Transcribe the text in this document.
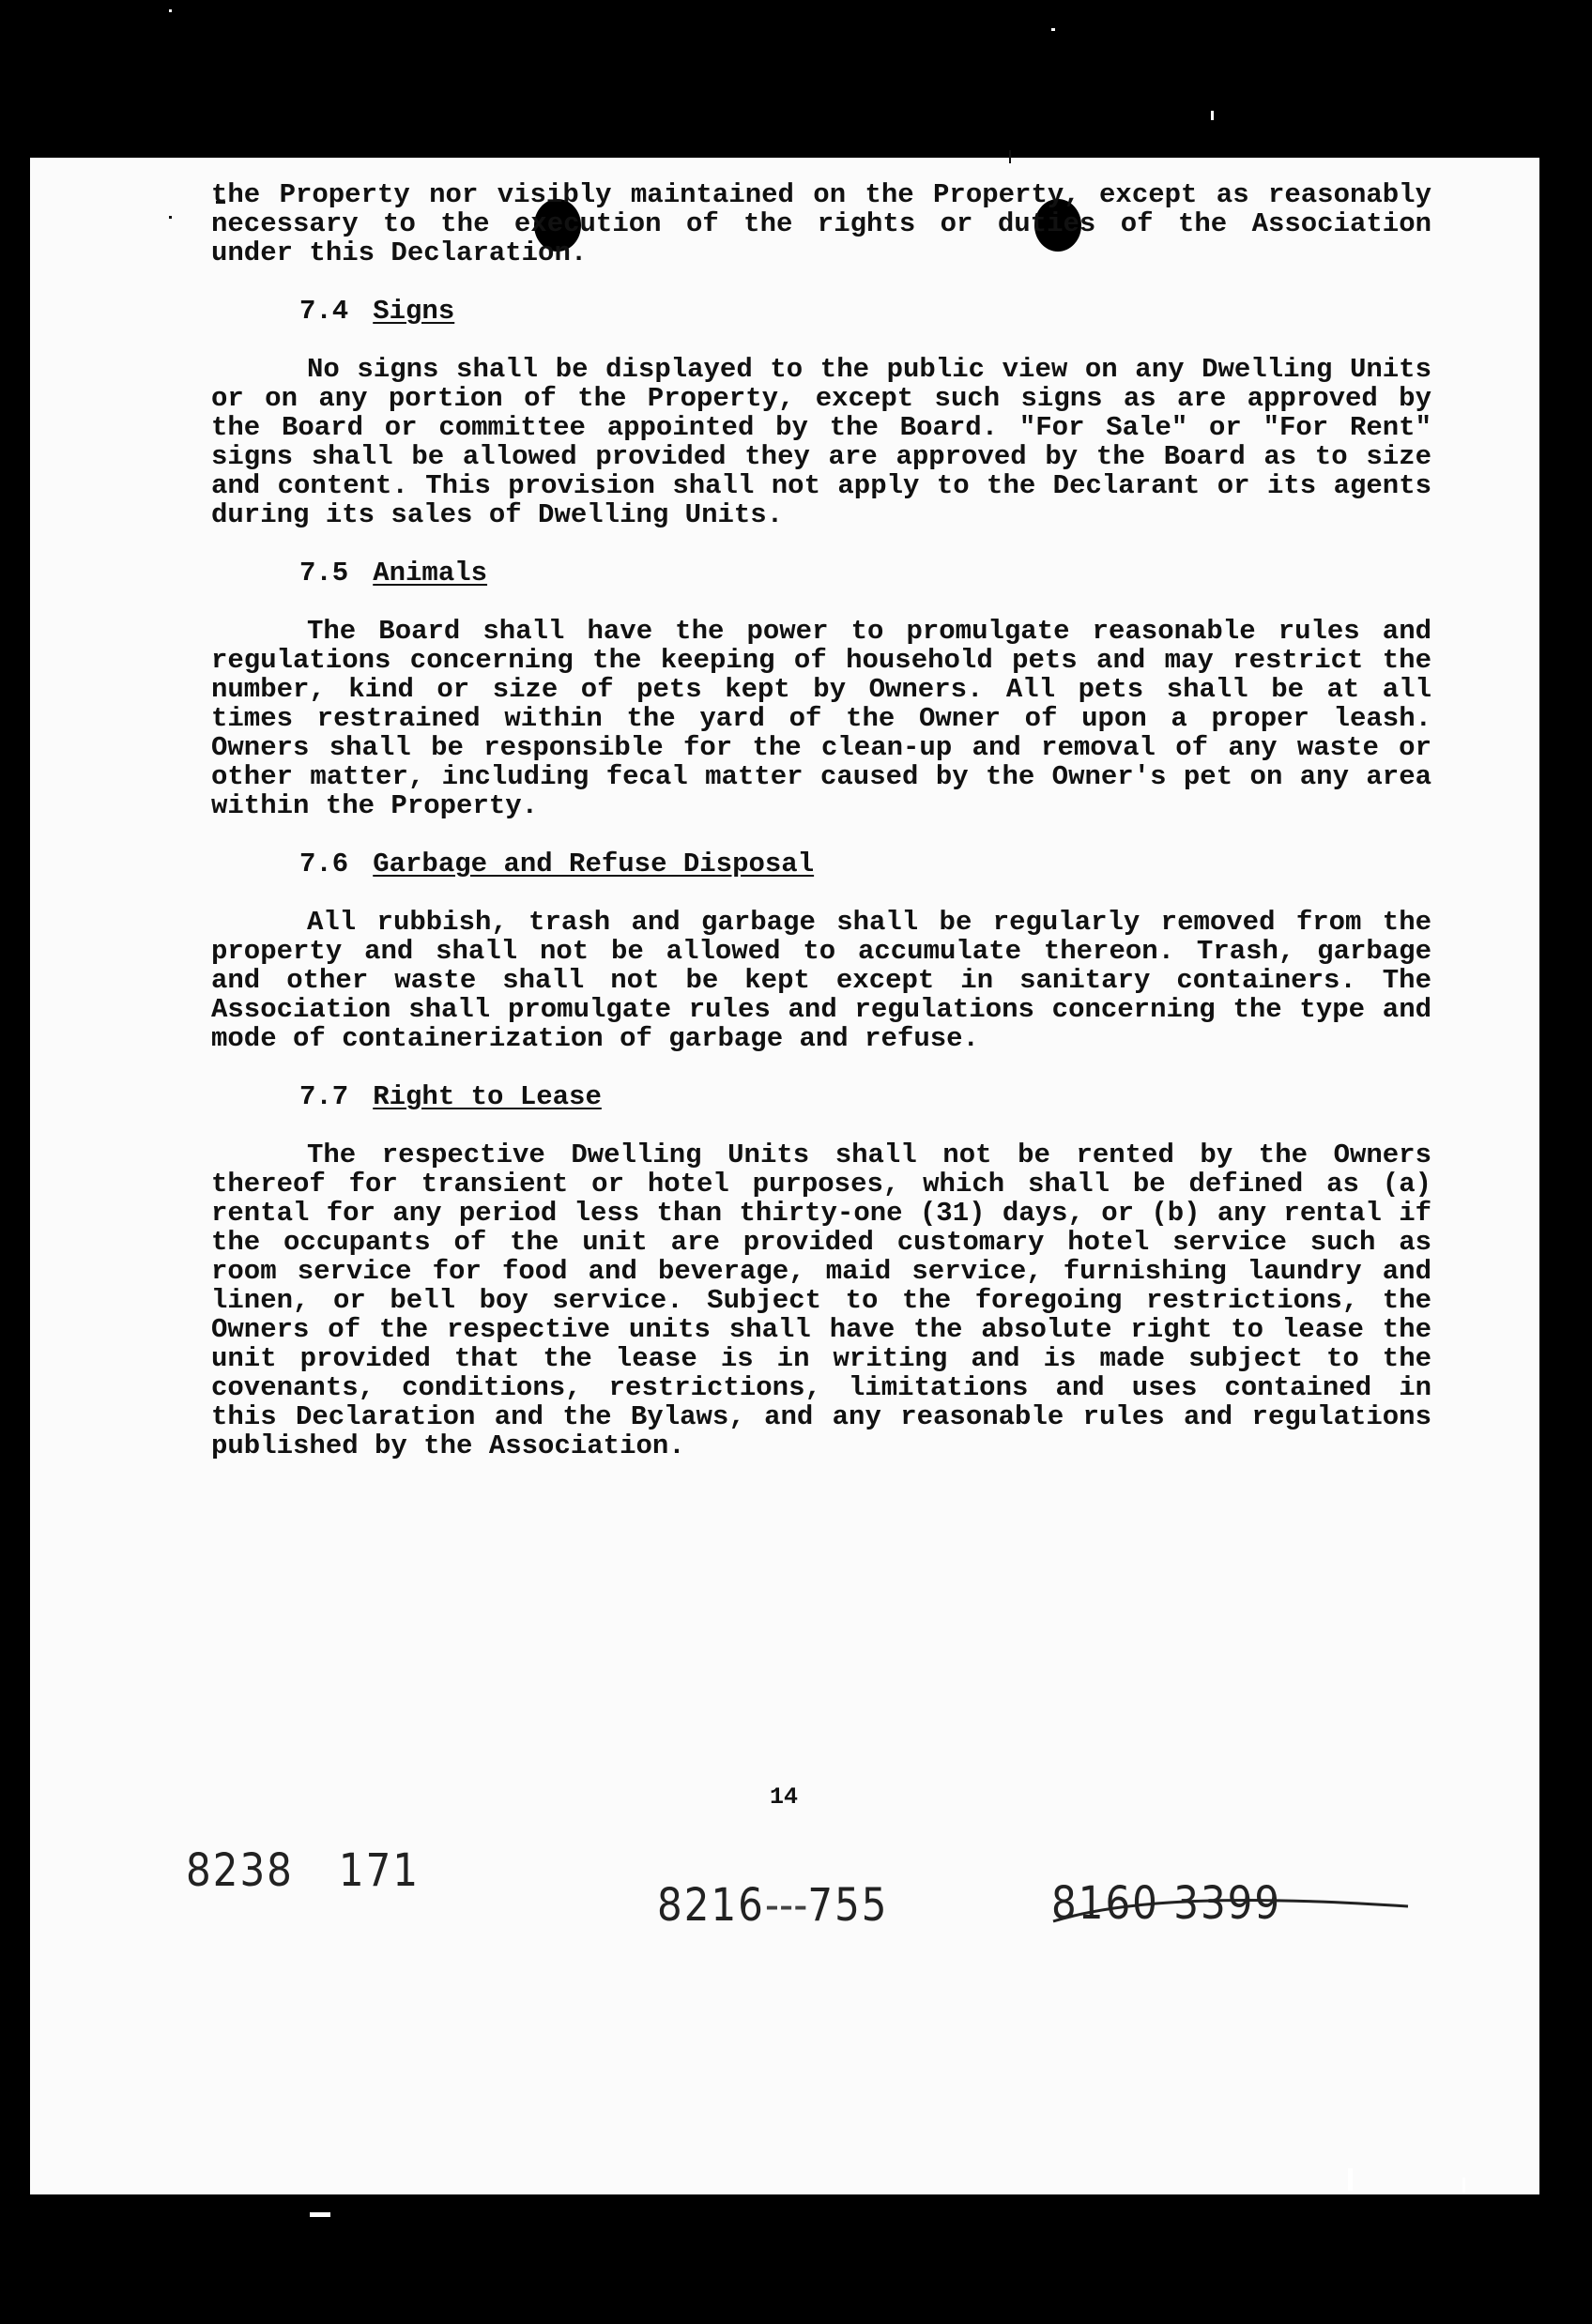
the Property nor visibly maintained on the Property, except as reasonably necessary to the execution of the rights or duties of the Association under this Declaration.

7.4 Signs

No signs shall be displayed to the public view on any Dwelling Units or on any portion of the Property, except such signs as are approved by the Board or committee appointed by the Board. "For Sale" or "For Rent" signs shall be allowed provided they are approved by the Board as to size and content. This provision shall not apply to the Declarant or its agents during its sales of Dwelling Units.

7.5 Animals

The Board shall have the power to promulgate reasonable rules and regulations concerning the keeping of household pets and may restrict the number, kind or size of pets kept by Owners. All pets shall be at all times restrained within the yard of the Owner of upon a proper leash. Owners shall be responsible for the clean-up and removal of any waste or other matter, including fecal matter caused by the Owner's pet on any area within the Property.

7.6 Garbage and Refuse Disposal

All rubbish, trash and garbage shall be regularly removed from the property and shall not be allowed to accumulate thereon. Trash, garbage and other waste shall not be kept except in sanitary containers. The Association shall promulgate rules and regulations concerning the type and mode of containerization of garbage and refuse.

7.7 Right to Lease

The respective Dwelling Units shall not be rented by the Owners thereof for transient or hotel purposes, which shall be defined as (a) rental for any period less than thirty-one (31) days, or (b) any rental if the occupants of the unit are provided customary hotel service such as room service for food and beverage, maid service, furnishing laundry and linen, or bell boy service. Subject to the foregoing restrictions, the Owners of the respective units shall have the absolute right to lease the unit provided that the lease is in writing and is made subject to the covenants, conditions, restrictions, limitations and uses contained in this Declaration and the Bylaws, and any reasonable rules and regulations published by the Association.

14
8238 171
8216---755	8160 3399
